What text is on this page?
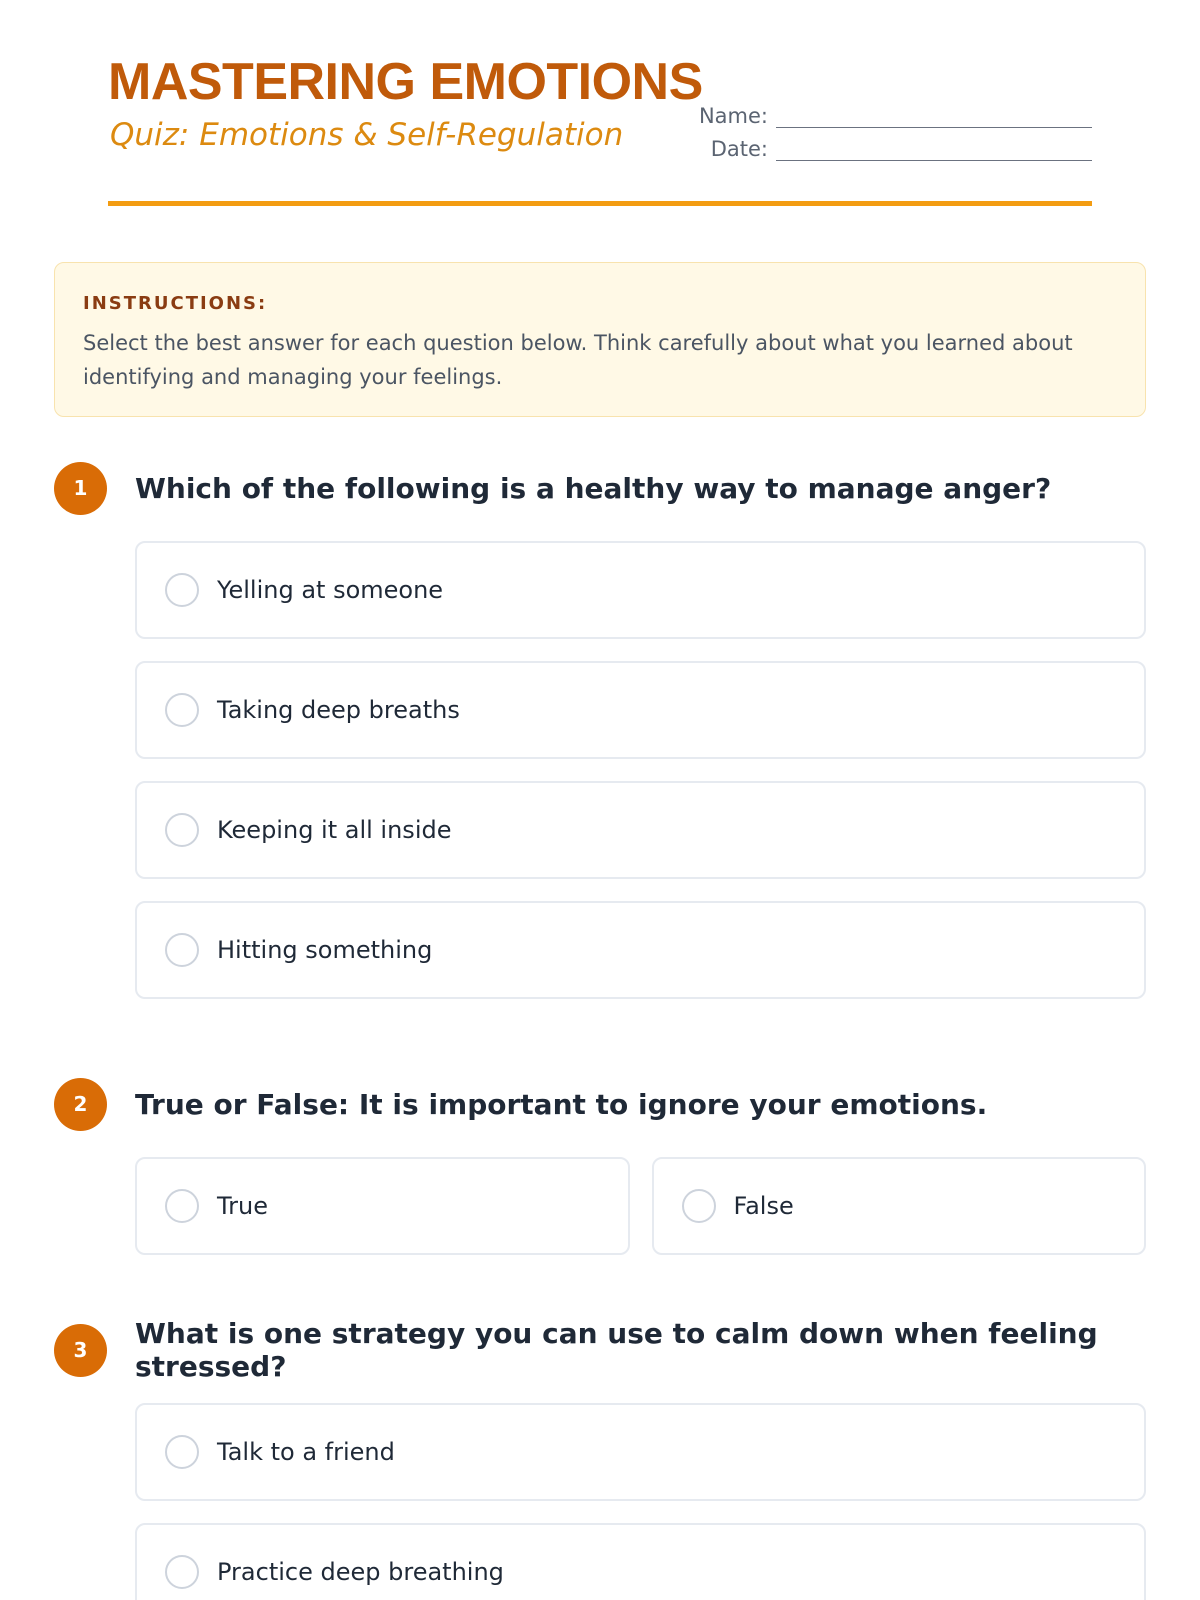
MASTERING EMOTIONS
Quiz: Emotions & Self-Regulation
Name:
Date:
INSTRUCTIONS:
Select the best answer for each question below. Think carefully about what you learned about identifying and managing your feelings.
1	Which of the following is a healthy way to manage anger?
Yelling at someone
Taking deep breaths
Keeping it all inside
Hitting something
2	True or False: It is important to ignore your emotions.
True	False
3	What is one strategy you can use to calm down when feeling stressed?
Talk to a friend
Practice deep breathing
